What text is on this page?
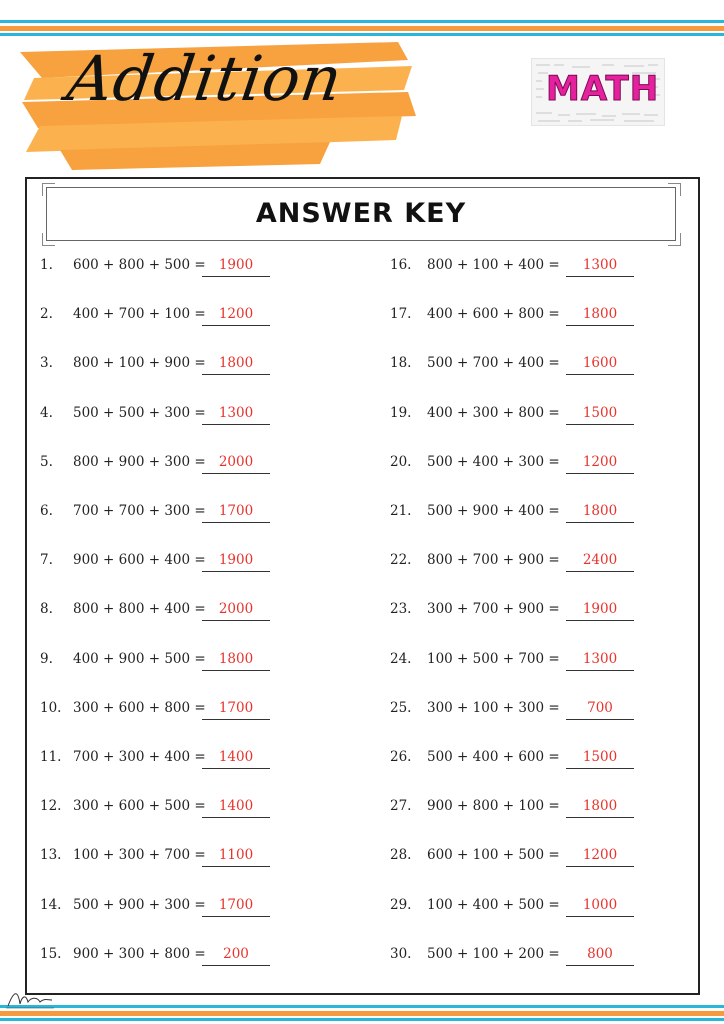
Addition	MATH
ANSWER KEY
1. 600 + 800 + 500 = 1900
2. 400 + 700 + 100 = 1200
3. 800 + 100 + 900 = 1800
4. 500 + 500 + 300 = 1300
5. 800 + 900 + 300 = 2000
6. 700 + 700 + 300 = 1700
7. 900 + 600 + 400 = 1900
8. 800 + 800 + 400 = 2000
9. 400 + 900 + 500 = 1800
10. 300 + 600 + 800 = 1700
11. 700 + 300 + 400 = 1400
12. 300 + 600 + 500 = 1400
13. 100 + 300 + 700 = 1100
14. 500 + 900 + 300 = 1700
15. 900 + 300 + 800 =	200
16. 800 + 100 + 400 =	1300
17. 400 + 600 + 800 =	1800
18. 500 + 700 + 400 =	1600
19. 400 + 300 + 800 =	1500
20. 500 + 400 + 300 =	1200
21. 500 + 900 + 400 =	1800
22. 800 + 700 + 900 =	2400
23. 300 + 700 + 900 =	1900
24. 100 + 500 + 700 =	1300
25. 300 + 100 + 300 =	700
26. 500 + 400 + 600 =	1500
27. 900 + 800 + 100 =	1800
28. 600 + 100 + 500 =	1200
29. 100 + 400 + 500 =	1000
30. 500 + 100 + 200 =	800
